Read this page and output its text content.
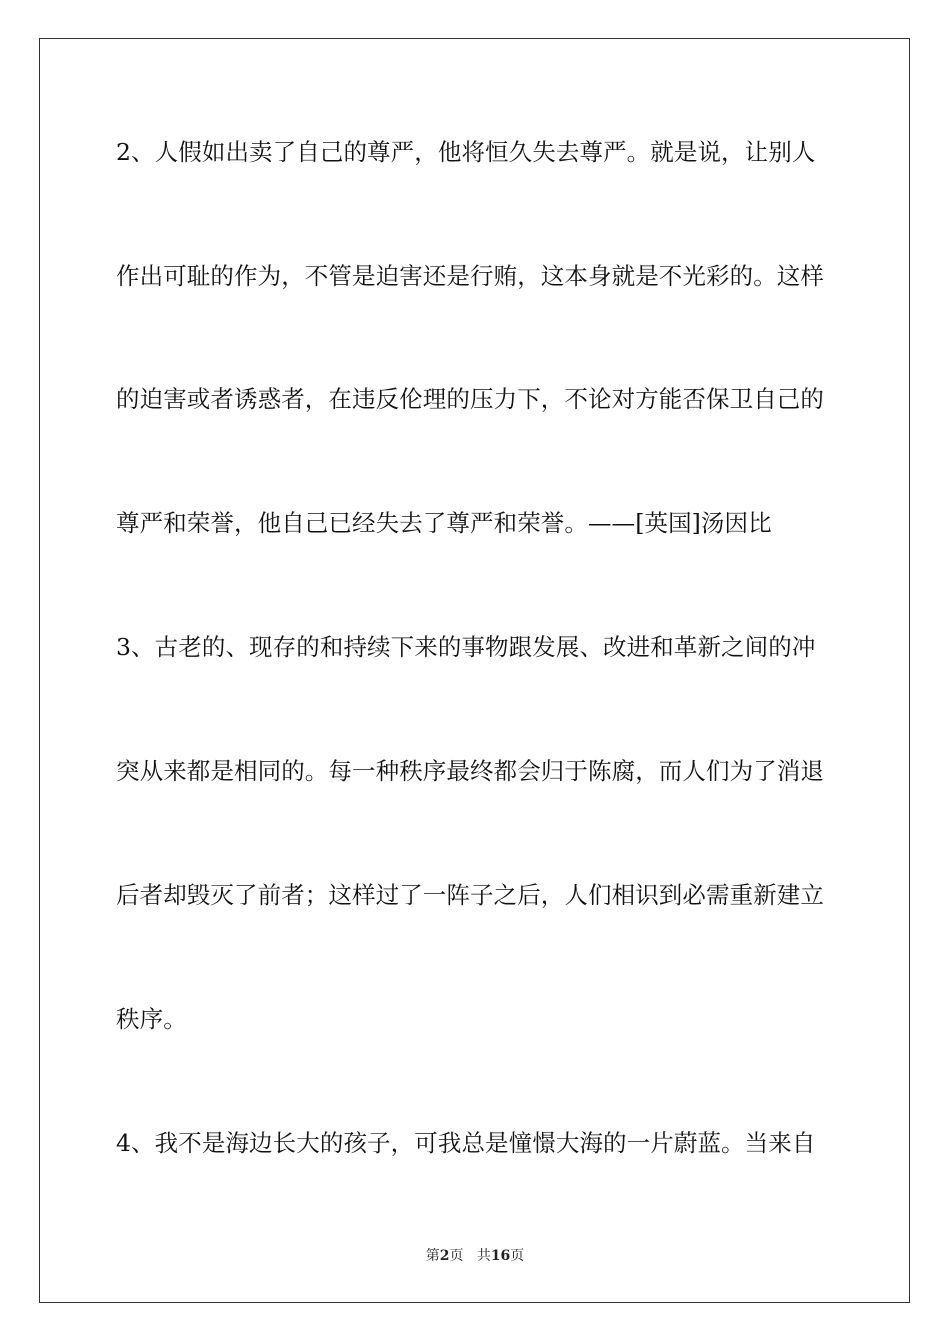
2、人假如出卖了自己的尊严，他将恒久失去尊严。就是说，让别人
作出可耻的作为，不管是迫害还是行贿，这本身就是不光彩的。这样
的迫害或者诱惑者，在违反伦理的压力下，不论对方能否保卫自己的
尊严和荣誉，他自己已经失去了尊严和荣誉。——[英国]汤因比
3、古老的、现存的和持续下来的事物跟发展、改进和革新之间的冲
突从来都是相同的。每一种秩序最终都会归于陈腐，而人们为了消退
后者却毁灭了前者；这样过了一阵子之后，人们相识到必需重新建立
秩序。
4、我不是海边长大的孩子，可我总是憧憬大海的一片蔚蓝。当来自
第2页 共16页
